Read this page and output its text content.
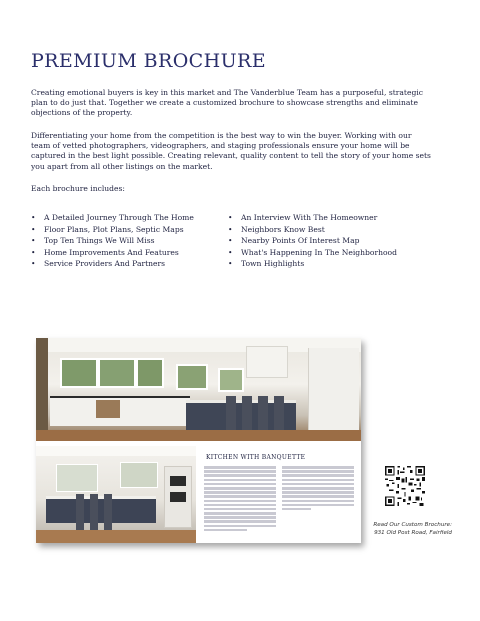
PREMIUM BROCHURE

Creating emotional buyers is key in this market and The Vanderblue Team has a purposeful, strategic plan to do just that. Together we create a customized brochure to showcase strengths and eliminate objections of the property.

Differentiating your home from the competition is the best way to win the buyer. Working with our team of vetted photographers, videographers, and staging professionals ensure your home will be captured in the best light possible. Creating relevant, quality content to tell the story of your home sets you apart from all other listings on the market.

Each brochure includes:

• A Detailed Journey Through The Home
• Floor Plans, Plot Plans, Septic Maps
• Top Ten Things We Will Miss
• Home Improvements And Features
• Service Providers And Partners
• An Interview With The Homeowner
• Neighbors Know Best
• Nearby Points Of Interest Map
• What's Happening In The Neighborhood
• Town Highlights

KITCHEN WITH BANQUETTE

Read Our Custom Brochure:
931 Old Post Road, Fairfield
